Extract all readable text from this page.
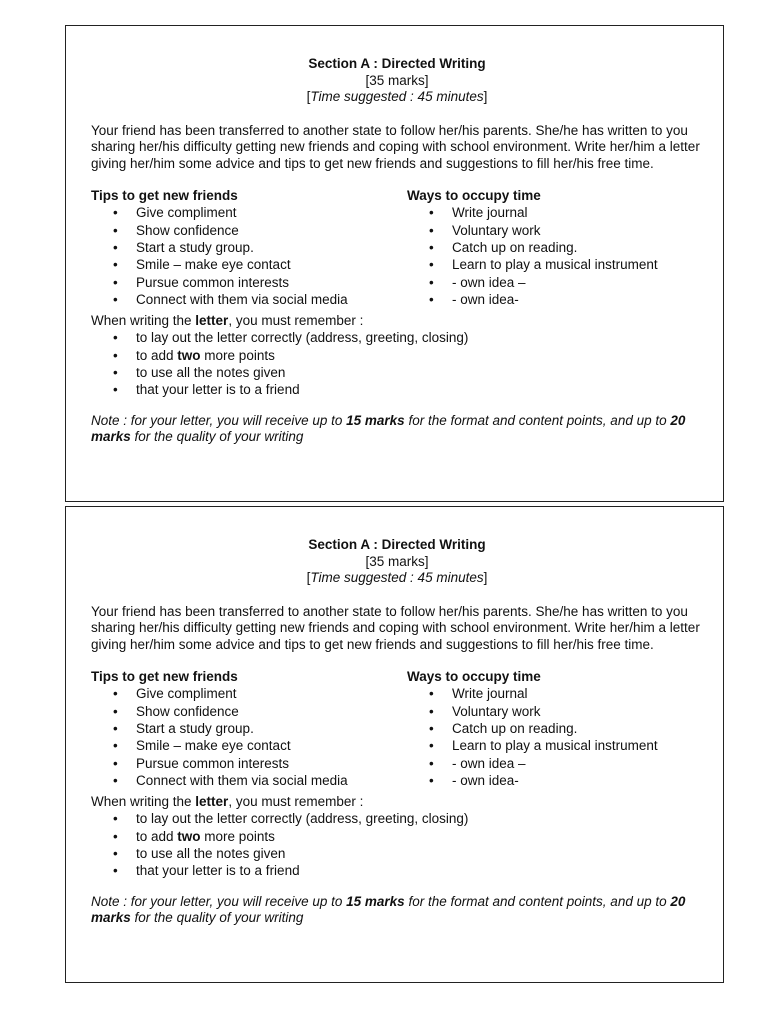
Section A : Directed Writing
[35 marks]
[Time suggested : 45 minutes]
Your friend has been transferred to another state to follow her/his parents. She/he has written to you sharing her/his difficulty getting new friends and coping with school environment. Write her/him a letter giving her/him some advice and tips to get new friends and suggestions to fill her/his free time.
Tips to get new friends
• Give compliment
• Show confidence
• Start a study group.
• Smile – make eye contact
• Pursue common interests
• Connect with them via social media
Ways to occupy time
• Write journal
• Voluntary work
• Catch up on reading.
• Learn to play a musical instrument
• - own idea –
• - own idea-
When writing the letter, you must remember :
• to lay out the letter correctly (address, greeting, closing)
• to add two more points
• to use all the notes given
• that your letter is to a friend
Note : for your letter, you will receive up to 15 marks for the format and content points, and up to 20 marks for the quality of your writing
Section A : Directed Writing
[35 marks]
[Time suggested : 45 minutes]
Your friend has been transferred to another state to follow her/his parents. She/he has written to you sharing her/his difficulty getting new friends and coping with school environment. Write her/him a letter giving her/him some advice and tips to get new friends and suggestions to fill her/his free time.
Tips to get new friends
• Give compliment
• Show confidence
• Start a study group.
• Smile – make eye contact
• Pursue common interests
• Connect with them via social media
Ways to occupy time
• Write journal
• Voluntary work
• Catch up on reading.
• Learn to play a musical instrument
• - own idea –
• - own idea-
When writing the letter, you must remember :
• to lay out the letter correctly (address, greeting, closing)
• to add two more points
• to use all the notes given
• that your letter is to a friend
Note : for your letter, you will receive up to 15 marks for the format and content points, and up to 20 marks for the quality of your writing
